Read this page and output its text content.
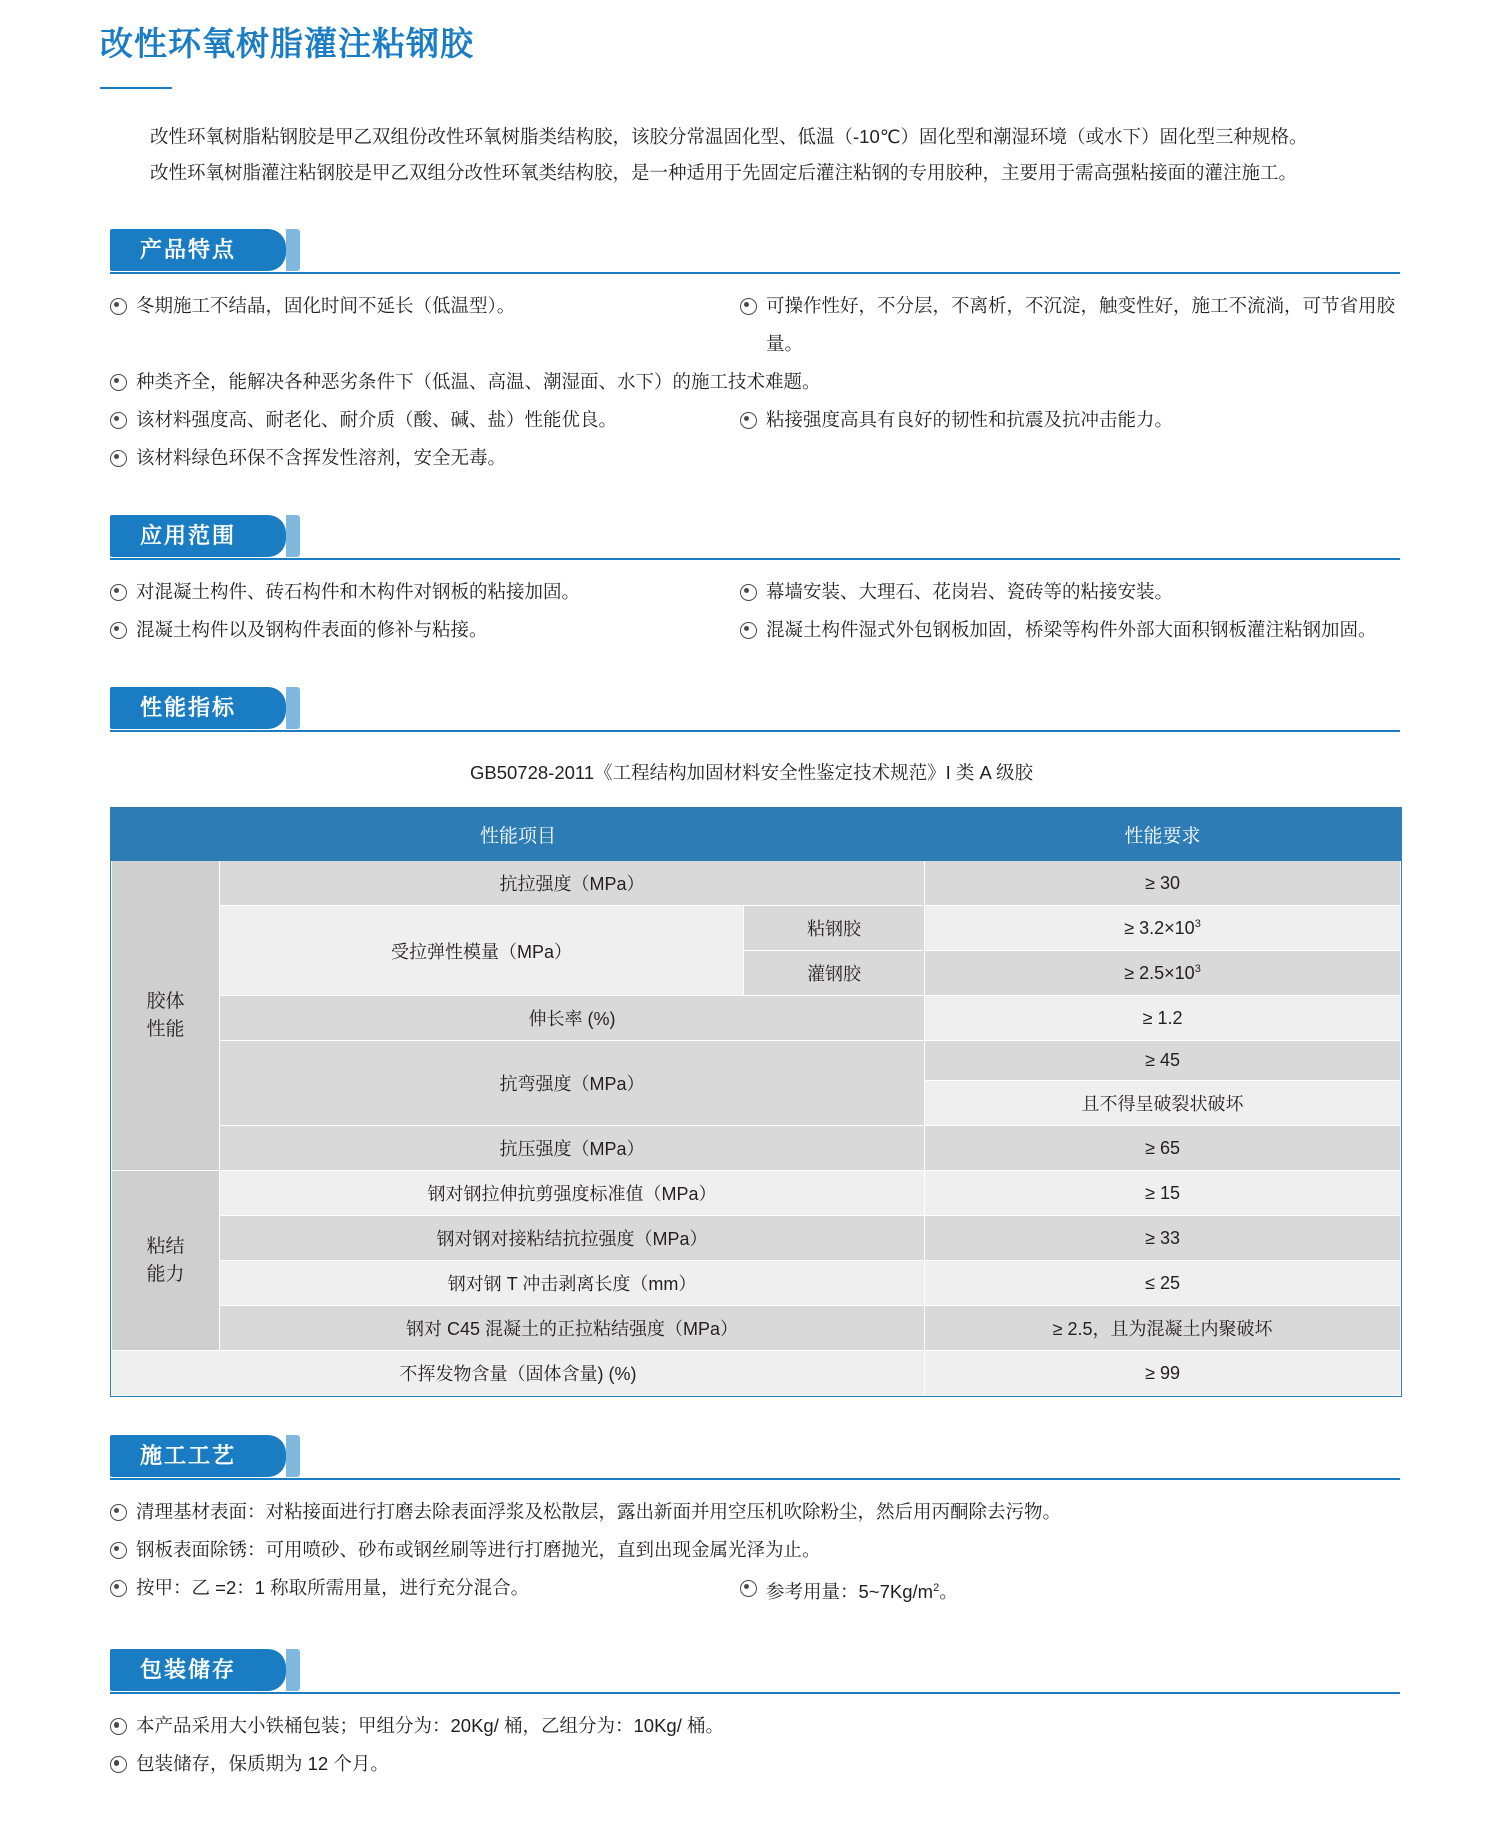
改性环氧树脂灌注粘钢胶

改性环氧树脂粘钢胶是甲乙双组份改性环氧树脂类结构胶，该胶分常温固化型、低温（-10℃）固化型和潮湿环境（或水下）固化型三种规格。

改性环氧树脂灌注粘钢胶是甲乙双组分改性环氧类结构胶，是一种适用于先固定后灌注粘钢的专用胶种，主要用于需高强粘接面的灌注施工。

产品特点
冬期施工不结晶，固化时间不延长（低温型）。	可操作性好，不分层，不离析，不沉淀，触变性好，施工不流淌，可节省用胶量。
种类齐全，能解决各种恶劣条件下（低温、高温、潮湿面、水下）的施工技术难题。
该材料强度高、耐老化、耐介质（酸、碱、盐）性能优良。	粘接强度高具有良好的韧性和抗震及抗冲击能力。
该材料绿色环保不含挥发性溶剂，安全无毒。
应用范围
对混凝土构件、砖石构件和木构件对钢板的粘接加固。	幕墙安装、大理石、花岗岩、瓷砖等的粘接安装。
混凝土构件以及钢构件表面的修补与粘接。	混凝土构件湿式外包钢板加固，桥梁等构件外部大面积钢板灌注粘钢加固。
性能指标
GB50728-2011《工程结构加固材料安全性鉴定技术规范》I 类 A 级胶
性能项目			性能要求
胶体
性能	抗拉强度（MPa）		≥ 30
	受拉弹性模量（MPa）	粘钢胶	≥ $3.2\times 10^3$
		灌钢胶	≥ $2.5\times 10^3$
	伸长率 (%)		≥ 1.2
	抗弯强度（MPa）		≥ 45
			且不得呈破裂状破坏
	抗压强度（MPa）		≥ 65
粘结
能力	钢对钢拉伸抗剪强度标准值（MPa）		≥ 15
	钢对钢对接粘结抗拉强度（MPa）		≥ 33
	钢对钢 T 冲击剥离长度（mm）		≤ 25
	钢对 C45 混凝土的正拉粘结强度（MPa）		≥ 2.5，且为混凝土内聚破坏
不挥发物含量（固体含量) (%)			≥ 99
施工工艺
清理基材表面：对粘接面进行打磨去除表面浮浆及松散层，露出新面并用空压机吹除粉尘，然后用丙酮除去污物。
钢板表面除锈：可用喷砂、砂布或钢丝刷等进行打磨抛光，直到出现金属光泽为止。
按甲：乙 =2：1 称取所需用量，进行充分混合。	参考用量：$5\sim 7Kg/m^2$。
包装储存
本产品采用大小铁桶包装；甲组分为：20Kg/ 桶，乙组分为：10Kg/ 桶。
包装储存，保质期为 12 个月。
